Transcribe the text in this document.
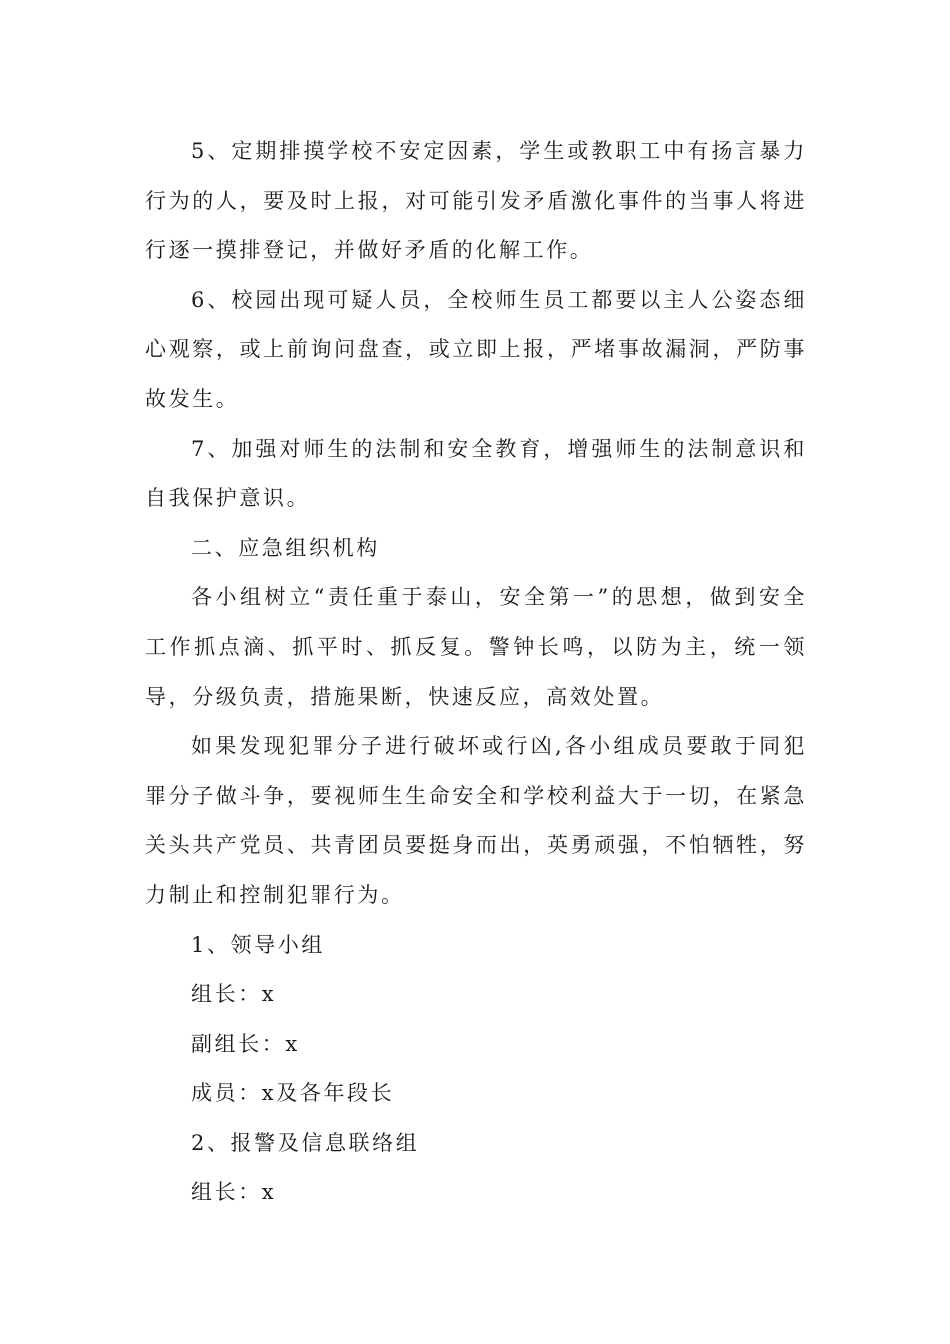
5、定期排摸学校不安定因素，学生或教职工中有扬言暴力行为的人，要及时上报，对可能引发矛盾激化事件的当事人将进行逐一摸排登记，并做好矛盾的化解工作。

6、校园出现可疑人员，全校师生员工都要以主人公姿态细心观察，或上前询问盘查，或立即上报，严堵事故漏洞，严防事故发生。

7、加强对师生的法制和安全教育，增强师生的法制意识和自我保护意识。

二、应急组织机构

各小组树立“责任重于泰山，安全第一”的思想，做到安全工作抓点滴、抓平时、抓反复。警钟长鸣，以防为主，统一领导，分级负责，措施果断，快速反应，高效处置。

如果发现犯罪分子进行破坏或行凶,各小组成员要敢于同犯罪分子做斗争，要视师生生命安全和学校利益大于一切，在紧急关头共产党员、共青团员要挺身而出，英勇顽强，不怕牺牲，努力制止和控制犯罪行为。

1、领导小组

组长：x

副组长：x

成员：x及各年段长

2、报警及信息联络组

组长：x
